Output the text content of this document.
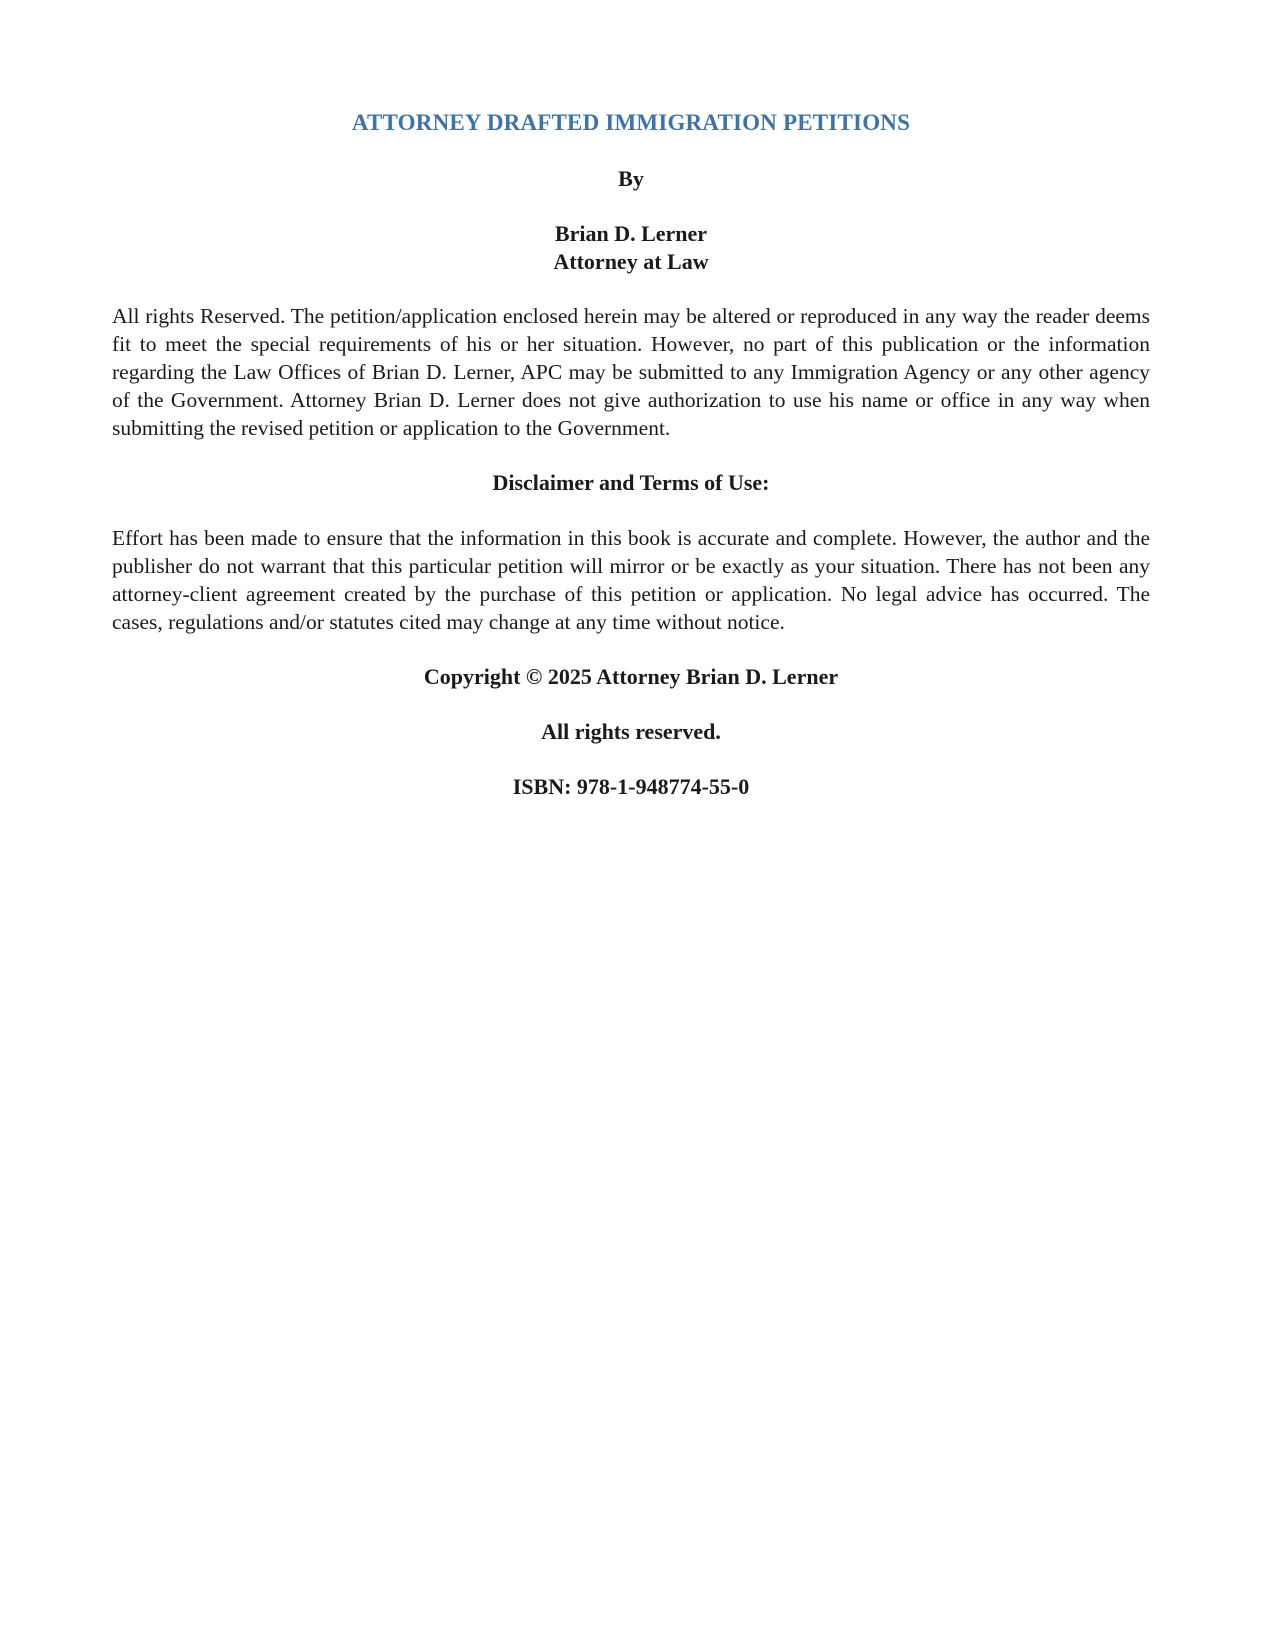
ATTORNEY DRAFTED IMMIGRATION PETITIONS

By

Brian D. Lerner

Attorney at Law

All rights Reserved. The petition/application enclosed herein may be altered or reproduced in any way the reader deems fit to meet the special requirements of his or her situation. However, no part of this publication or the information regarding the Law Offices of Brian D. Lerner, APC may be submitted to any Immigration Agency or any other agency of the Government. Attorney Brian D. Lerner does not give authorization to use his name or office in any way when submitting the revised petition or application to the Government.

Disclaimer and Terms of Use:

Effort has been made to ensure that the information in this book is accurate and complete. However, the author and the publisher do not warrant that this particular petition will mirror or be exactly as your situation. There has not been any attorney-client agreement created by the purchase of this petition or application. No legal advice has occurred. The cases, regulations and/or statutes cited may change at any time without notice.

Copyright © 2025 Attorney Brian D. Lerner

All rights reserved.

ISBN: 978-1-948774-55-0
